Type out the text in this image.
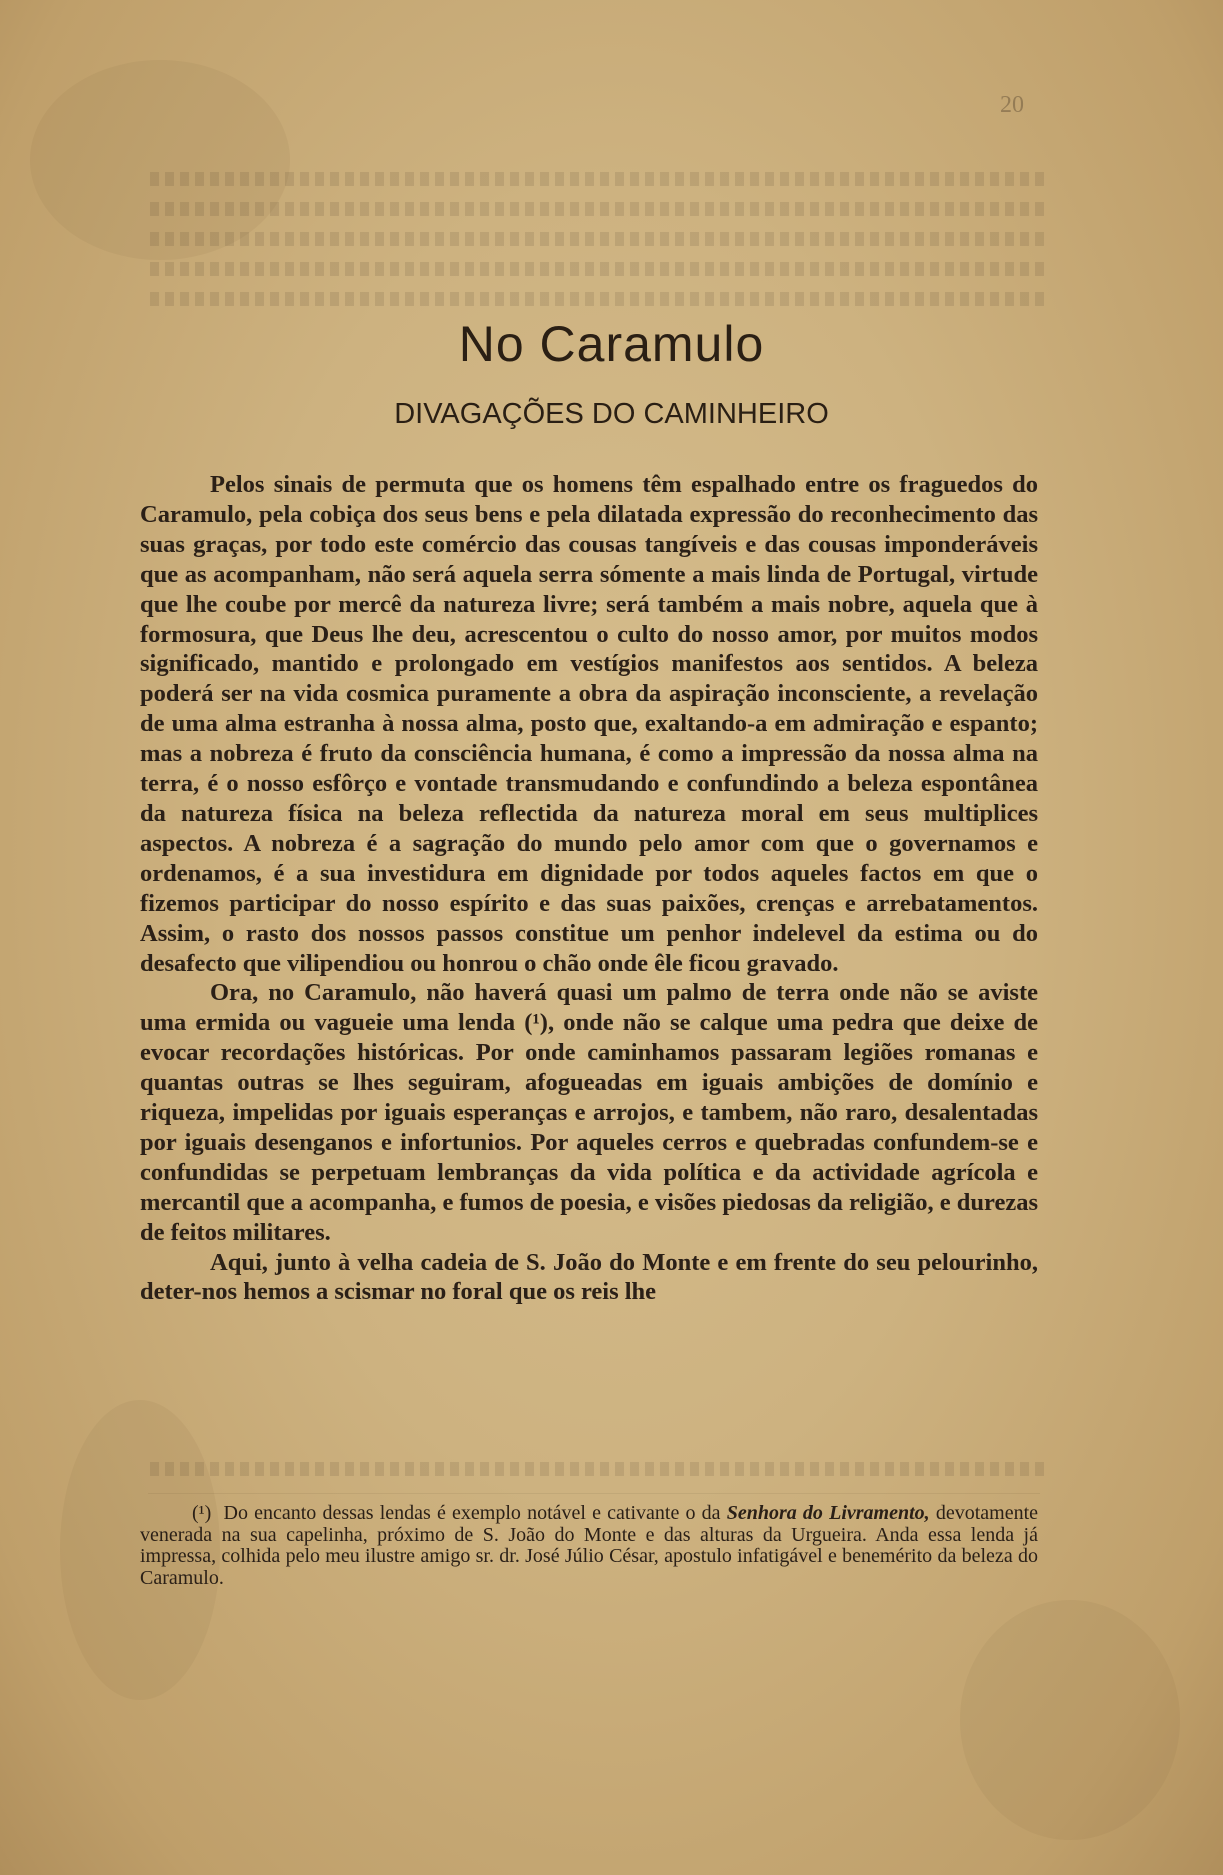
20
No Caramulo
DIVAGAÇÕES DO CAMINHEIRO

Pelos sinais de permuta que os homens têm espalhado entre os fraguedos do Caramulo, pela cobiça dos seus bens e pela dilatada expressão do reconhecimento das suas graças, por todo este comércio das cousas tangíveis e das cousas imponderáveis que as acompanham, não será aquela serra sómente a mais linda de Portugal, virtude que lhe coube por mercê da natureza livre; será também a mais nobre, aquela que à formosura, que Deus lhe deu, acrescentou o culto do nosso amor, por muitos modos significado, mantido e prolongado em vestígios manifestos aos sentidos. A beleza poderá ser na vida cosmica puramente a obra da aspiração inconsciente, a revelação de uma alma estranha à nossa alma, posto que, exaltando-a em admiração e espanto; mas a nobreza é fruto da consciência humana, é como a impressão da nossa alma na terra, é o nosso esfôrço e vontade transmudando e confundindo a beleza espontânea da natureza física na beleza reflectida da natureza moral em seus multiplices aspectos. A nobreza é a sagração do mundo pelo amor com que o governamos e ordenamos, é a sua investidura em dignidade por todos aqueles factos em que o fizemos participar do nosso espírito e das suas paixões, crenças e arrebatamentos. Assim, o rasto dos nossos passos constitue um penhor indelevel da estima ou do desafecto que vilipendiou ou honrou o chão onde êle ficou gravado.

Ora, no Caramulo, não haverá quasi um palmo de terra onde não se aviste uma ermida ou vagueie uma lenda (¹), onde não se calque uma pedra que deixe de evocar recordações históricas. Por onde caminhamos passaram legiões romanas e quantas outras se lhes seguiram, afogueadas em iguais ambições de domínio e riqueza, impelidas por iguais esperanças e arrojos, e tambem, não raro, desalentadas por iguais desenganos e infortunios. Por aqueles cerros e quebradas confundem-se e confundidas se perpetuam lembranças da vida política e da actividade agrícola e mercantil que a acompanha, e fumos de poesia, e visões piedosas da religião, e durezas de feitos militares.

Aqui, junto à velha cadeia de S. João do Monte e em frente do seu pelourinho, deter-nos hemos a scismar no foral que os reis lhe

(¹) Do encanto dessas lendas é exemplo notável e cativante o da Senhora do Livramento, devotamente venerada na sua capelinha, próximo de S. João do Monte e das alturas da Urgueira. Anda essa lenda já impressa, colhida pelo meu ilustre amigo sr. dr. José Júlio César, apostulo infatigável e benemérito da beleza do Caramulo.
